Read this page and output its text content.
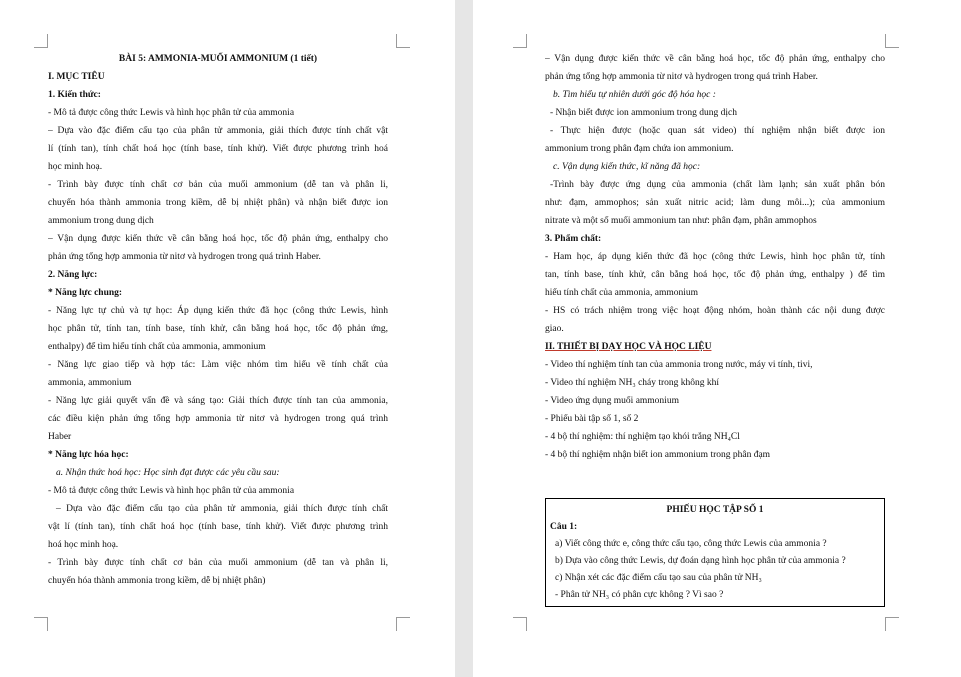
BÀI 5: AMMONIA-MUỐI AMMONIUM (1 tiết)
I. MỤC TIÊU
1. Kiến thức:
- Mô tả được công thức Lewis và hình học phân tử của ammonia
– Dựa vào đặc điểm cấu tạo của phân tử ammonia, giải thích được tính chất vật
lí (tính tan), tính chất hoá học (tính base, tính khử). Viết được phương trình hoá
học minh hoạ.
- Trình bày được tính chất cơ bản của muối ammonium (dễ tan và phân li,
chuyển hóa thành ammonia trong kiềm, dễ bị nhiệt phân) và nhận biết được ion
ammonium trong dung dịch
– Vận dụng được kiến thức về cân bằng hoá học, tốc độ phản ứng, enthalpy cho
phản ứng tổng hợp ammonia từ nitơ và hydrogen trong quá trình Haber.
2. Năng lực:
* Năng lực chung:
- Năng lực tự chủ và tự học: Áp dụng kiến thức đã học (công thức Lewis, hình
học phân tử, tính tan, tính base, tính khử, cân bằng hoá học, tốc độ phản ứng,
enthalpy) để tìm hiểu tính chất của ammonia, ammonium
- Năng lực giao tiếp và hợp tác: Làm việc nhóm tìm hiểu về tính chất của
ammonia, ammonium
- Năng lực giải quyết vấn đề và sáng tạo: Giải thích được tính tan của ammonia,
các điều kiện phản ứng tổng hợp ammonia từ nitơ và hydrogen trong quá trình
Haber
* Năng lực hóa học:
a. Nhận thức hoá học: Học sinh đạt được các yêu cầu sau:
- Mô tả được công thức Lewis và hình học phân tử của ammonia
– Dựa vào đặc điểm cấu tạo của phân tử ammonia, giải thích được tính chất
vật lí (tính tan), tính chất hoá học (tính base, tính khử). Viết được phương trình
hoá học minh hoạ.
- Trình bày được tính chất cơ bản của muối ammonium (dễ tan và phân li,
chuyển hóa thành ammonia trong kiềm, dễ bị nhiệt phân)
– Vận dụng được kiến thức về cân bằng hoá học, tốc độ phản ứng, enthalpy cho
phản ứng tổng hợp ammonia từ nitơ và hydrogen trong quá trình Haber.
b. Tìm hiểu tự nhiên dưới góc độ hóa học :
- Nhận biết được ion ammonium trong dung dịch
- Thực hiện được (hoặc quan sát video) thí nghiệm nhận biết được ion
ammonium trong phân đạm chứa ion ammonium.
c. Vận dụng kiến thức, kĩ năng đã học:
-Trình bày được ứng dụng của ammonia (chất làm lạnh; sản xuất phân bón
như: đạm, ammophos; sản xuất nitric acid; làm dung môi...); của ammonium
nitrate và một số muối ammonium tan như: phân đạm, phân ammophos
3. Phẩm chất:
- Ham học, áp dụng kiến thức đã học (công thức Lewis, hình học phân tử, tính
tan, tính base, tính khử, cân bằng hoá học, tốc độ phản ứng, enthalpy ) để tìm
hiểu tính chất của ammonia, ammonium
- HS có trách nhiệm trong việc hoạt động nhóm, hoàn thành các nội dung được
giao.
II. THIẾT BỊ DẠY HỌC VÀ HỌC LIỆU
- Video thí nghiệm tính tan của ammonia trong nước, máy vi tính, tivi,
- Video thí nghiệm NH₃ cháy trong không khí
- Video ứng dụng muối ammonium
- Phiếu bài tập số 1, số 2
- 4 bộ thí nghiệm: thí nghiệm tạo khói trắng NH₄Cl
- 4 bộ thí nghiệm nhận biết ion ammonium trong phân đạm
PHIẾU HỌC TẬP SỐ 1
Câu 1:
a) Viết công thức e, công thức cấu tạo, công thức Lewis của ammonia ?
b) Dựa vào công thức Lewis, dự đoán dạng hình học phân tử của ammonia ?
c) Nhận xét các đặc điểm cấu tạo sau của phân tử NH₃
- Phân tử NH₃ có phân cực không ? Vì sao ?
